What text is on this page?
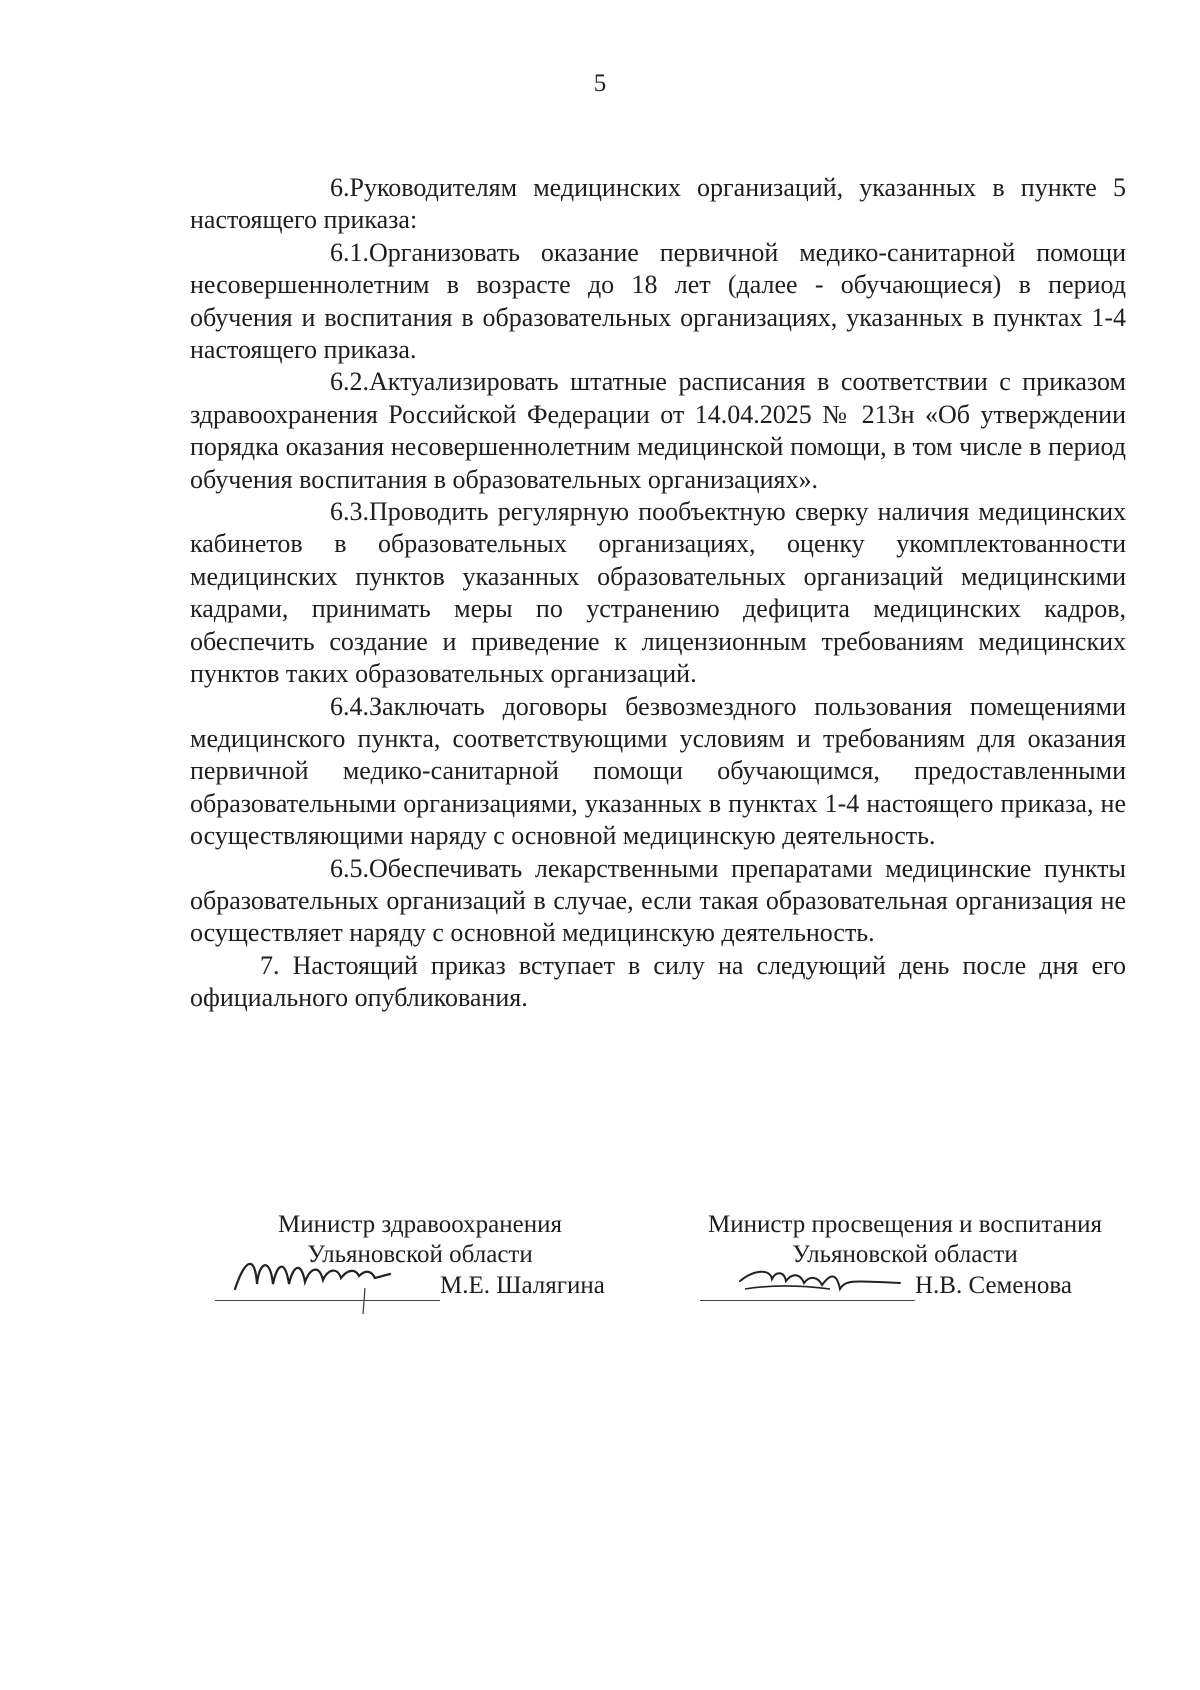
5

6.Руководителям медицинских организаций, указанных в пункте 5 настоящего приказа:

6.1.Организовать оказание первичной медико-санитарной помощи несовершеннолетним в возрасте до 18 лет (далее - обучающиеся) в период обучения и воспитания в образовательных организациях, указанных в пунктах 1-4 настоящего приказа.

6.2.Актуализировать штатные расписания в соответствии с приказом здравоохранения Российской Федерации от 14.04.2025 № 213н «Об утверждении порядка оказания несовершеннолетним медицинской помощи, в том числе в период обучения воспитания в образовательных организациях».

6.3.Проводить регулярную пообъектную сверку наличия медицинских кабинетов в образовательных организациях, оценку укомплектованности медицинских пунктов указанных образовательных организаций медицинскими кадрами, принимать меры по устранению дефицита медицинских кадров, обеспечить создание и приведение к лицензионным требованиям медицинских пунктов таких образовательных организаций.

6.4.Заключать договоры безвозмездного пользования помещениями медицинского пункта, соответствующими условиям и требованиям для оказания первичной медико-санитарной помощи обучающимся, предоставленными образовательными организациями, указанных в пунктах 1-4 настоящего приказа, не осуществляющими наряду с основной медицинскую деятельность.

6.5.Обеспечивать лекарственными препаратами медицинские пункты образовательных организаций в случае, если такая образовательная организация не осуществляет наряду с основной медицинскую деятельность.

7. Настоящий приказ вступает в силу на следующий день после дня его официального опубликования.

Министр здравоохранения
Ульяновской области
М.Е. Шалягина
Министр просвещения и воспитания
Ульяновской области
Н.В. Семенова
